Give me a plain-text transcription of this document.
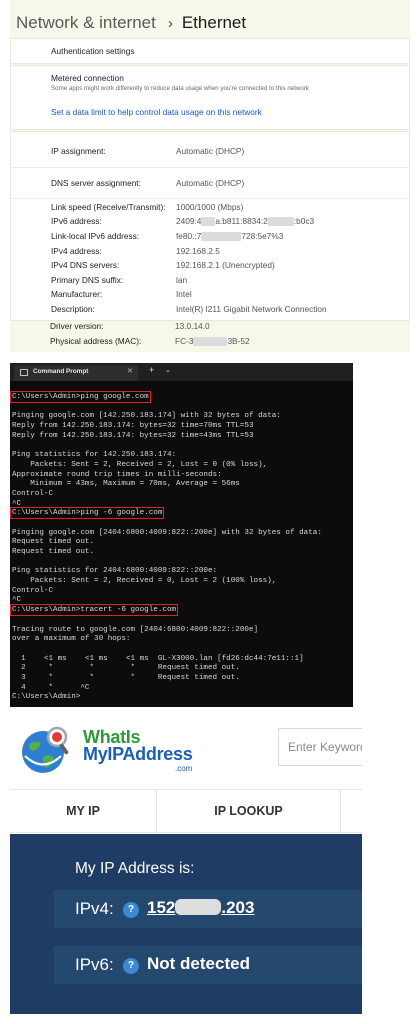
Network & internet › Ethernet
Authentication settings
Metered connection
Some apps might work differently to reduce data usage when you're connected to this network
Set a data limit to help control data usage on this network
IP assignment:	Automatic (DHCP)
DNS server assignment:	Automatic (DHCP)
Link speed (Receive/Transmit): 1000/1000 (Mbps)
IPv6 address:	2409:4 a:b811:8834:2	:b0c3
Link-local IPv6 address:	fe80::7	728:5e7%3
IPv4 address:	192.168.2.5
IPv4 DNS servers:	192.168.2.1 (Unencrypted)
Primary DNS suffix:	lan
Manufacturer:	Intel
Description:	Intel(R) I211 Gigabit Network Connection
Driver version:	13.0.14.0
Physical address (MAC):	FC-3	3B-52
Command Prompt	✕ + ⌄
C:\Users\Admin>ping google.com
Pinging google.com [142.250.183.174] with 32 bytes of data:
Reply from 142.250.183.174: bytes=32 time=70ms TTL=53
Reply from 142.250.183.174: bytes=32 time=43ms TTL=53
Ping statistics for 142.250.183.174:
Packets: Sent = 2, Received = 2, Lost = 0 (0% loss),
Approximate round trip times in milli-seconds:
Minimum = 43ms, Maximum = 70ms, Average = 56ms
Control-C
^C
C:\Users\Admin>ping -6 google.com
Pinging google.com [2404:6800:4009:822::200e] with 32 bytes of data:
Request timed out.
Request timed out.
Ping statistics for 2404:6800:4009:822::200e:
Packets: Sent = 2, Received = 0, Lost = 2 (100% loss),
Control-C
^C
C:\Users\Admin>tracert -6 google.com
Tracing route to google.com [2404:6800:4009:822::200e]
over a maximum of 30 hops:
1    <1 ms    <1 ms    <1 ms  GL-X3000.lan [fd26:dc44:7e11::1]
2     *        *        *     Request timed out.
3     *        *        *     Request timed out.
4     *      ^C
C:\Users\Admin>
WhatIs
MyIPAddress
.com
Enter Keyword
MY IP	IP LOOKUP
My IP Address is:
IPv4:	? 152	.203
IPv6:	? Not detected
